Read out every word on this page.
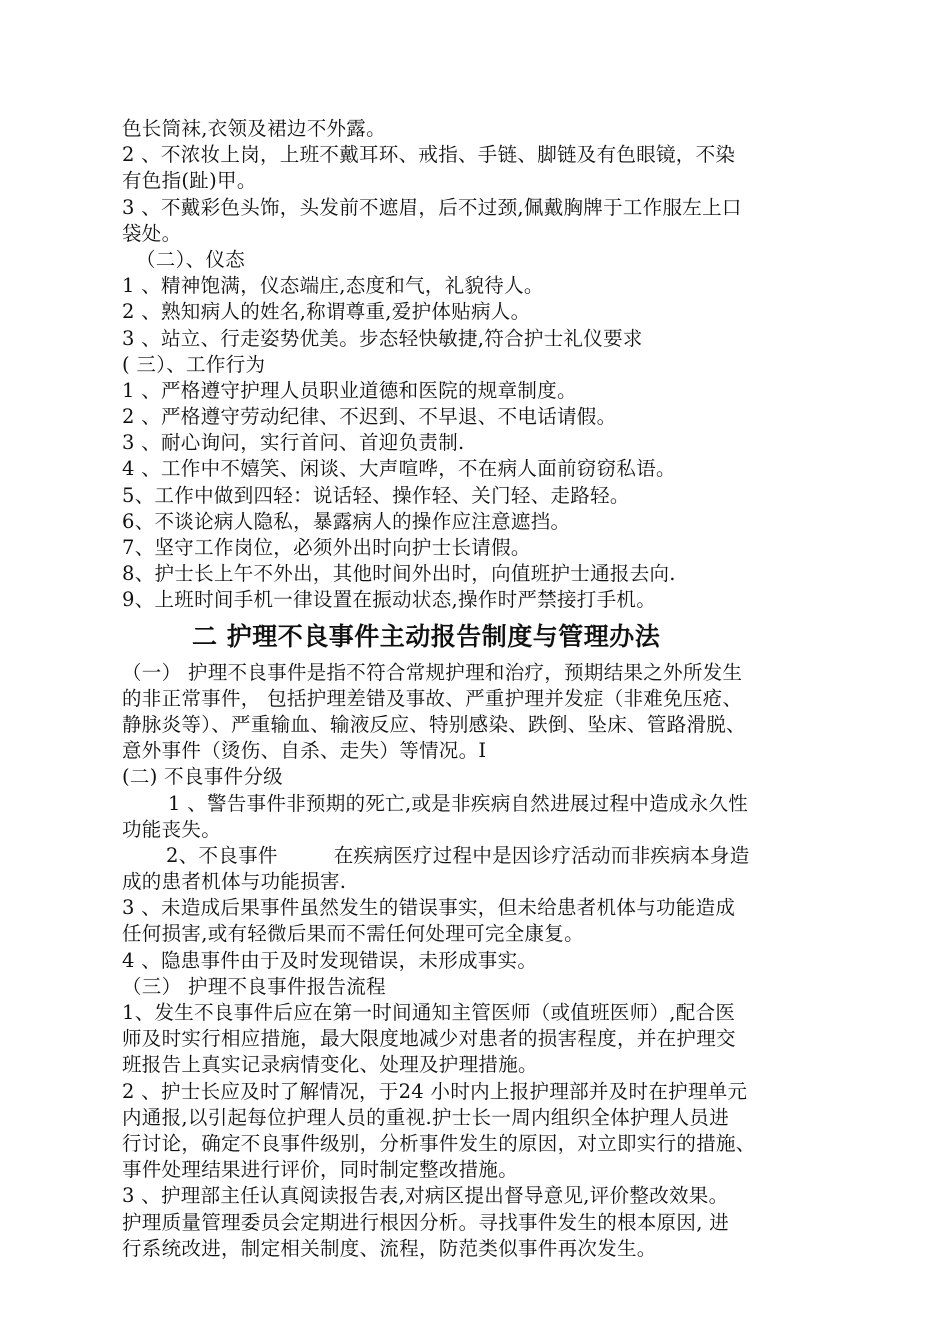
色长筒袜,衣领及裙边不外露。
2 、不浓妆上岗，上班不戴耳环、戒指、手链、脚链及有色眼镜，不染
有色指(趾)甲。
3 、不戴彩色头饰，头发前不遮眉，后不过颈,佩戴胸牌于工作服左上口
袋处。
（二）、仪态
1 、精神饱满，仪态端庄,态度和气，礼貌待人。
2 、熟知病人的姓名,称谓尊重,爱护体贴病人。
3 、站立、行走姿势优美。步态轻快敏捷,符合护士礼仪要求
( 三）、工作行为
1 、严格遵守护理人员职业道德和医院的规章制度。
2 、严格遵守劳动纪律、不迟到、不早退、不电话请假。
3 、耐心询问，实行首问、首迎负责制.
4 、工作中不嬉笑、闲谈、大声喧哗，不在病人面前窃窃私语。
5、工作中做到四轻：说话轻、操作轻、关门轻、走路轻。
6、不谈论病人隐私，暴露病人的操作应注意遮挡。
7、坚守工作岗位，必须外出时向护士长请假。
8、护士长上午不外出，其他时间外出时，向值班护士通报去向.
9、上班时间手机一律设置在振动状态,操作时严禁接打手机。
二 护理不良事件主动报告制度与管理办法
（一） 护理不良事件是指不符合常规护理和治疗，预期结果之外所发生
的非正常事件， 包括护理差错及事故、严重护理并发症（非难免压疮、
静脉炎等）、严重输血、输液反应、特别感染、跌倒、坠床、管路滑脱、
意外事件（烫伤、自杀、走失）等情况。I
(二) 不良事件分级
1 、警告事件非预期的死亡,或是非疾病自然进展过程中造成永久性
功能丧失。
2、不良事件	在疾病医疗过程中是因诊疗活动而非疾病本身造
成的患者机体与功能损害.
3 、未造成后果事件虽然发生的错误事实，但未给患者机体与功能造成
任何损害,或有轻微后果而不需任何处理可完全康复。
4 、隐患事件由于及时发现错误，未形成事实。
（三） 护理不良事件报告流程
1、发生不良事件后应在第一时间通知主管医师（或值班医师）,配合医
师及时实行相应措施，最大限度地减少对患者的损害程度，并在护理交
班报告上真实记录病情变化、处理及护理措施。
2 、护士长应及时了解情况，于24 小时内上报护理部并及时在护理单元
内通报,以引起每位护理人员的重视.护士长一周内组织全体护理人员进
行讨论，确定不良事件级别，分析事件发生的原因，对立即实行的措施、
事件处理结果进行评价，同时制定整改措施。
3 、护理部主任认真阅读报告表,对病区提出督导意见,评价整改效果。
护理质量管理委员会定期进行根因分析。寻找事件发生的根本原因, 进
行系统改进，制定相关制度、流程，防范类似事件再次发生。
